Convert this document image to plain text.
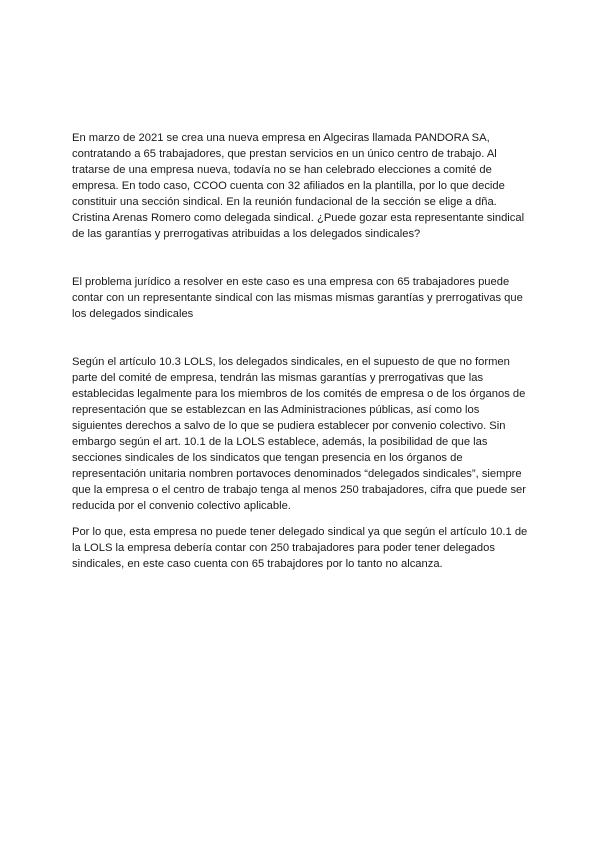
En marzo de 2021 se crea una nueva empresa en Algeciras llamada PANDORA SA,
contratando a 65 trabajadores, que prestan servicios en un único centro de trabajo. Al
tratarse de una empresa nueva, todavía no se han celebrado elecciones a comité de
empresa. En todo caso, CCOO cuenta con 32 afiliados en la plantilla, por lo que decide
constituir una sección sindical. En la reunión fundacional de la sección se elige a dña.
Cristina Arenas Romero como delegada sindical. ¿Puede gozar esta representante sindical
de las garantías y prerrogativas atribuidas a los delegados sindicales?

El problema jurídico a resolver en este caso es una empresa con 65 trabajadores puede
contar con un representante sindical con las mismas mismas garantías y prerrogativas que
los delegados sindicales

Según el artículo 10.3 LOLS, los delegados sindicales, en el supuesto de que no formen
parte del comité de empresa, tendrán las mismas garantías y prerrogativas que las
establecidas legalmente para los miembros de los comités de empresa o de los órganos de
representación que se establezcan en las Administraciones públicas, así como los
siguientes derechos a salvo de lo que se pudiera establecer por convenio colectivo. Sin
embargo según el art. 10.1 de la LOLS establece, además, la posibilidad de que las
secciones sindicales de los sindicatos que tengan presencia en los órganos de
representación unitaria nombren portavoces denominados “delegados sindicales”, siempre
que la empresa o el centro de trabajo tenga al menos 250 trabajadores, cifra que puede ser
reducida por el convenio colectivo aplicable.

Por lo que, esta empresa no puede tener delegado sindical ya que según el artículo 10.1 de
la LOLS la empresa debería contar con 250 trabajadores para poder tener delegados
sindicales, en este caso cuenta con 65 trabajdores por lo tanto no alcanza.
